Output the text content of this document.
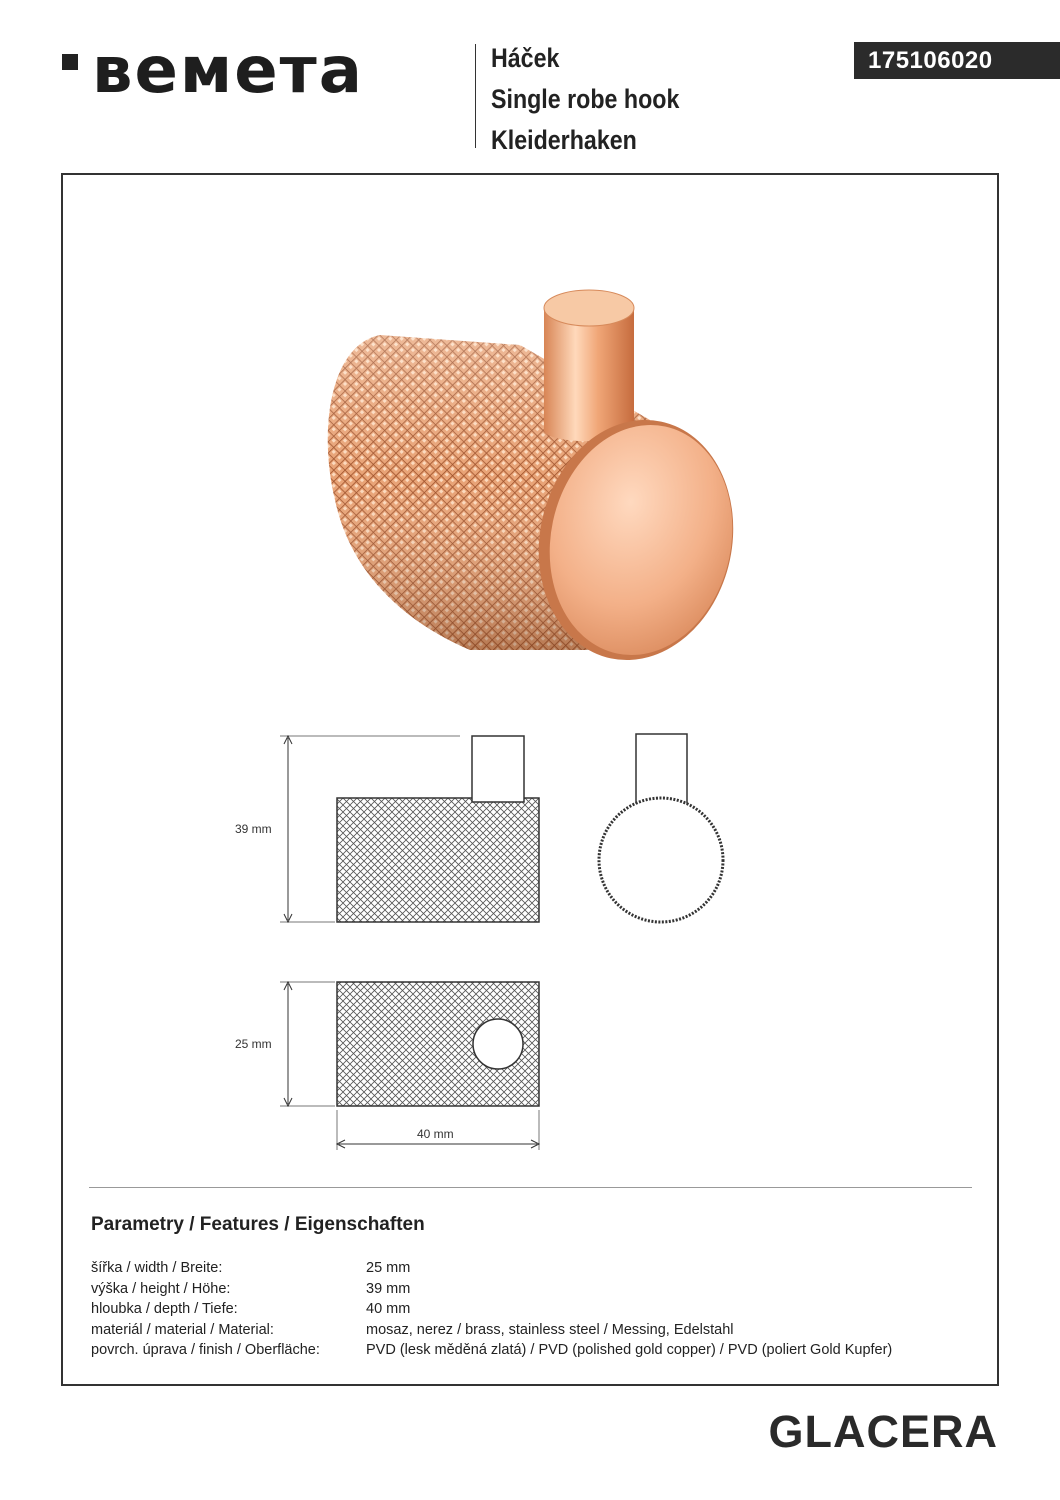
ʙeмeтa	Háček
Single robe hook
Kleiderhaken
175106020
39 mm
25 mm
40 mm
Parametry / Features / Eigenschaften
šířka / width / Breite:	25 mm
výška / height / Höhe:	39 mm
hloubka / depth / Tiefe:	40 mm
materiál / material / Material:	mosaz, nerez / brass, stainless steel / Messing, Edelstahl
povrch. úprava / finish / Oberfläche:	PVD (lesk měděná zlatá) / PVD (polished gold copper) / PVD (poliert Gold Kupfer)
GLACERA
